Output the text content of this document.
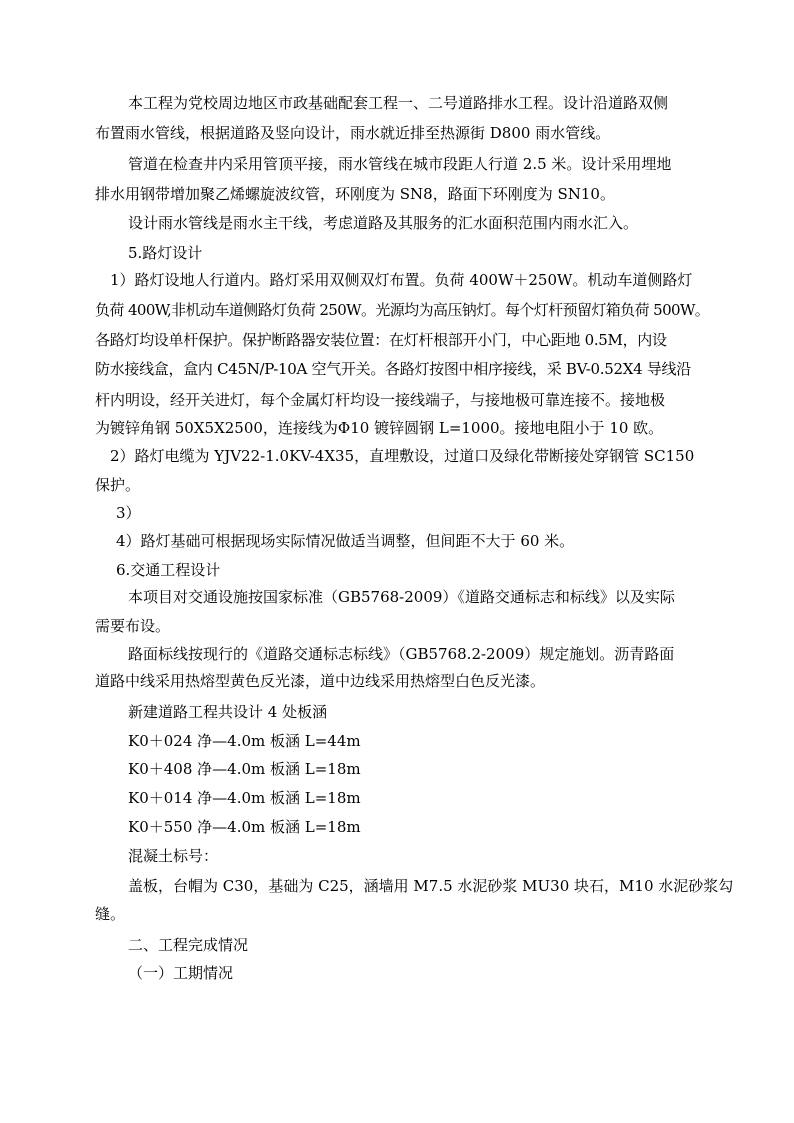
本工程为党校周边地区市政基础配套工程一、二号道路排水工程。设计沿道路双侧
布置雨水管线，根据道路及竖向设计，雨水就近排至热源街 D800 雨水管线。
管道在检查井内采用管顶平接，雨水管线在城市段距人行道 2.5 米。设计采用埋地
排水用钢带增加聚乙烯螺旋波纹管，环刚度为 SN8，路面下环刚度为 SN10。
设计雨水管线是雨水主干线，考虑道路及其服务的汇水面积范围内雨水汇入。
5.路灯设计
1）路灯设地人行道内。路灯采用双侧双灯布置。负荷 400W＋250W。机动车道侧路灯
负荷 400W,非机动车道侧路灯负荷 250W。光源均为高压钠灯。每个灯杆预留灯箱负荷 500W。
各路灯均设单杆保护。保护断路器安装位置：在灯杆根部开小门，中心距地 0.5M，内设
防水接线盒，盒内 C45N/P-10A 空气开关。各路灯按图中相序接线，采 BV-0.52X4 导线沿
杆内明设，经开关进灯，每个金属灯杆均设一接线端子，与接地极可靠连接不。接地极
为镀锌角钢 50X5X2500，连接线为Φ10 镀锌圆钢 L=1000。接地电阻小于 10 欧。
2）路灯电缆为 YJV22-1.0KV-4X35，直埋敷设，过道口及绿化带断接处穿钢管 SC150
保护。
3）
4）路灯基础可根据现场实际情况做适当调整，但间距不大于 60 米。
6.交通工程设计
本项目对交通设施按国家标准（GB5768-2009）《道路交通标志和标线》以及实际
需要布设。
路面标线按现行的《道路交通标志标线》（GB5768.2-2009）规定施划。沥青路面
道路中线采用热熔型黄色反光漆，道中边线采用热熔型白色反光漆。
新建道路工程共设计 4 处板涵
K0＋024 净—4.0m 板涵 L=44m
K0＋408 净—4.0m 板涵 L=18m
K0＋014 净—4.0m 板涵 L=18m
K0＋550 净—4.0m 板涵 L=18m
混凝土标号：
盖板，台帽为 C30，基础为 C25，涵墙用 M7.5 水泥砂浆 MU30 块石，M10 水泥砂浆勾
缝。
二、工程完成情况
（一）工期情况
